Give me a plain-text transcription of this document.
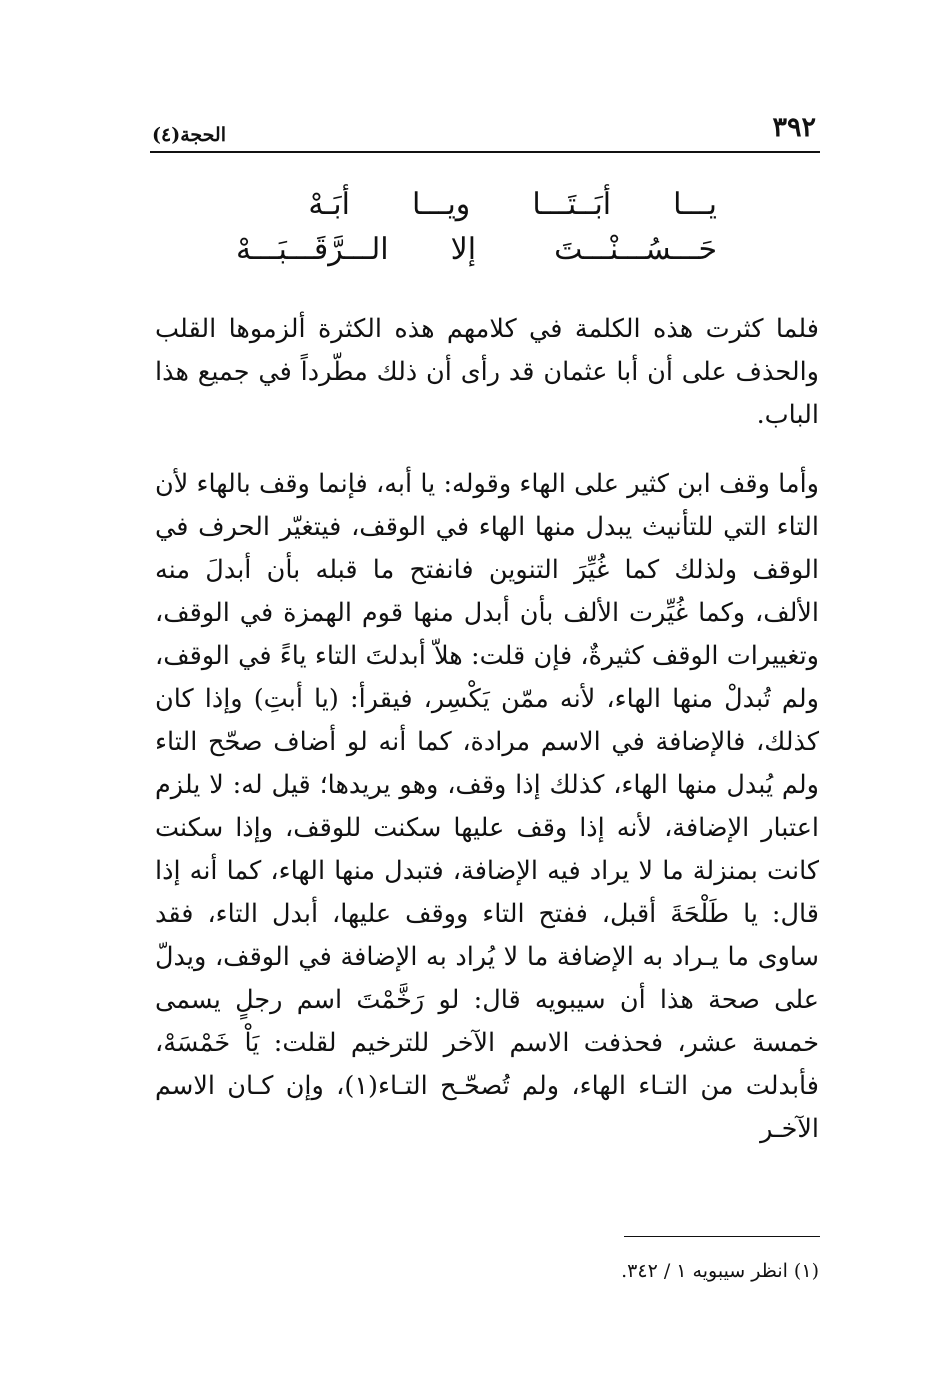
٣٩٢
الحجة(٤)
يـــاأبَــتَـــاويـــاأبَـهْ
حَـــسُـــنْـــتَإلاالـــرَّقَـــبَـــهْ
فلما كثرت هذه الكلمة في كلامهم هذه الكثرة ألزموها القلب والحذف على أن أبا عثمان قد رأى أن ذلك مطّرداً في جميع هذا الباب.
وأما وقف ابن كثير على الهاء وقوله: يا أبه، فإنما وقف بالهاء لأن التاء التي للتأنيث يبدل منها الهاء في الوقف، فيتغيّر الحرف في الوقف ولذلك كما غُيِّرَ التنوين فانفتح ما قبله بأن أبدلَ منه الألف، وكما غُيِّرت الألف بأن أبدل منها قوم الهمزة في الوقف، وتغييرات الوقف كثيرةٌ، فإن قلت: هلاّ أبدلتَ التاء ياءً في الوقف، ولم تُبدلْ منها الهاء، لأنه ممّن يَكْسِر، فيقرأ: (يا أبتِ) وإذا كان كذلك، فالإضافة في الاسم مرادة، كما أنه لو أضاف صحّح التاء ولم يُبدل منها الهاء، كذلك إذا وقف، وهو يريدها؛ قيل له: لا يلزم اعتبار الإضافة، لأنه إذا وقف عليها سكنت للوقف، وإذا سكنت كانت بمنزلة ما لا يراد فيه الإضافة، فتبدل منها الهاء، كما أنه إذا قال: يا طَلْحَةَ أقبل، ففتح التاء ووقف عليها، أبدل التاء، فقد ساوى ما يـراد به الإضافة ما لا يُراد به الإضافة في الوقف، ويدلّ على صحة هذا أن سيبويه قال: لو رَخَّمْتَ اسم رجلٍ يسمى خمسة عشر، فحذفت الاسم الآخر للترخيم لقلت: يَاْ خَمْسَهْ، فأبدلت من التـاء الهاء، ولم تُصحّـح التـاء(١)، وإن كـان الاسم الآخـر
(١) انظر سيبويه ١ / ٣٤٢.
